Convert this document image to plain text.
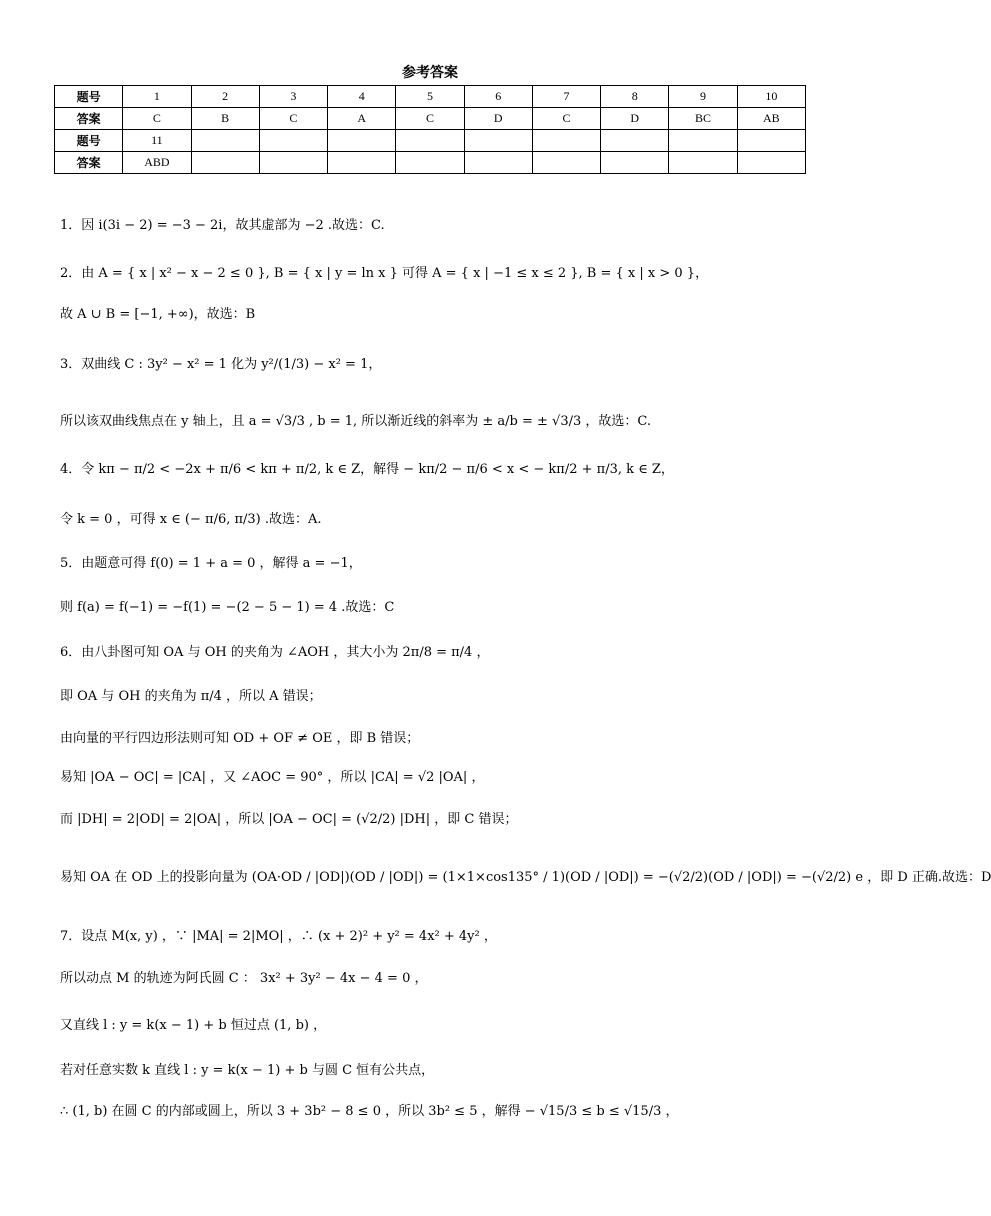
参考答案
题号	1	2	3	4	5	6	7	8	9	10
答案	C	B	C	A	C	D	C	D	BC	AB
题号	11									
答案	ABD									
1．因 i(3i − 2) = −3 − 2i，故其虚部为 −2 .故选：C.
2．由 A = { x | x² − x − 2 ≤ 0 }, B = { x | y = ln x } 可得 A = { x | −1 ≤ x ≤ 2 }, B = { x | x > 0 }，
故 A ∪ B = [−1, +∞)，故选：B
3．双曲线 C : 3y² − x² = 1 化为 y²/(1/3) − x² = 1，
所以该双曲线焦点在 y 轴上，且 a = √3/3 , b = 1, 所以渐近线的斜率为 ± a/b = ± √3/3 ，故选：C.
4．令 kπ − π/2 < −2x + π/6 < kπ + π/2, k ∈ Z，解得 − kπ/2 − π/6 < x < − kπ/2 + π/3, k ∈ Z，
令 k = 0 ，可得 x ∈ (− π/6, π/3) .故选：A.
5．由题意可得 f(0) = 1 + a = 0 ，解得 a = −1，
则 f(a) = f(−1) = −f(1) = −(2 − 5 − 1) = 4 .故选：C
6．由八卦图可知 OA 与 OH 的夹角为 ∠AOH ，其大小为 2π/8 = π/4 ，
即 OA 与 OH 的夹角为 π/4 ，所以 A 错误；
由向量的平行四边形法则可知 OD + OF ≠ OE ，即 B 错误；
易知 |OA − OC| = |CA| ，又 ∠AOC = 90° ，所以 |CA| = √2 |OA| ，
而 |DH| = 2|OD| = 2|OA| ，所以 |OA − OC| = (√2/2) |DH| ，即 C 错误；
易知 OA 在 OD 上的投影向量为 (OA·OD / |OD|)(OD / |OD|) = (1×1×cos135° / 1)(OD / |OD|) = −(√2/2)(OD / |OD|) = −(√2/2) e ，即 D 正确.故选：D
7．设点 M(x, y) ，∵ |MA| = 2|MO| ，∴ (x + 2)² + y² = 4x² + 4y² ，
所以动点 M 的轨迹为阿氏圆 C ： 3x² + 3y² − 4x − 4 = 0 ，
又直线 l : y = k(x − 1) + b 恒过点 (1, b) ，
若对任意实数 k 直线 l : y = k(x − 1) + b 与圆 C 恒有公共点，
∴ (1, b) 在圆 C 的内部或圆上，所以 3 + 3b² − 8 ≤ 0 ，所以 3b² ≤ 5 ，解得 − √15/3 ≤ b ≤ √15/3 ，
